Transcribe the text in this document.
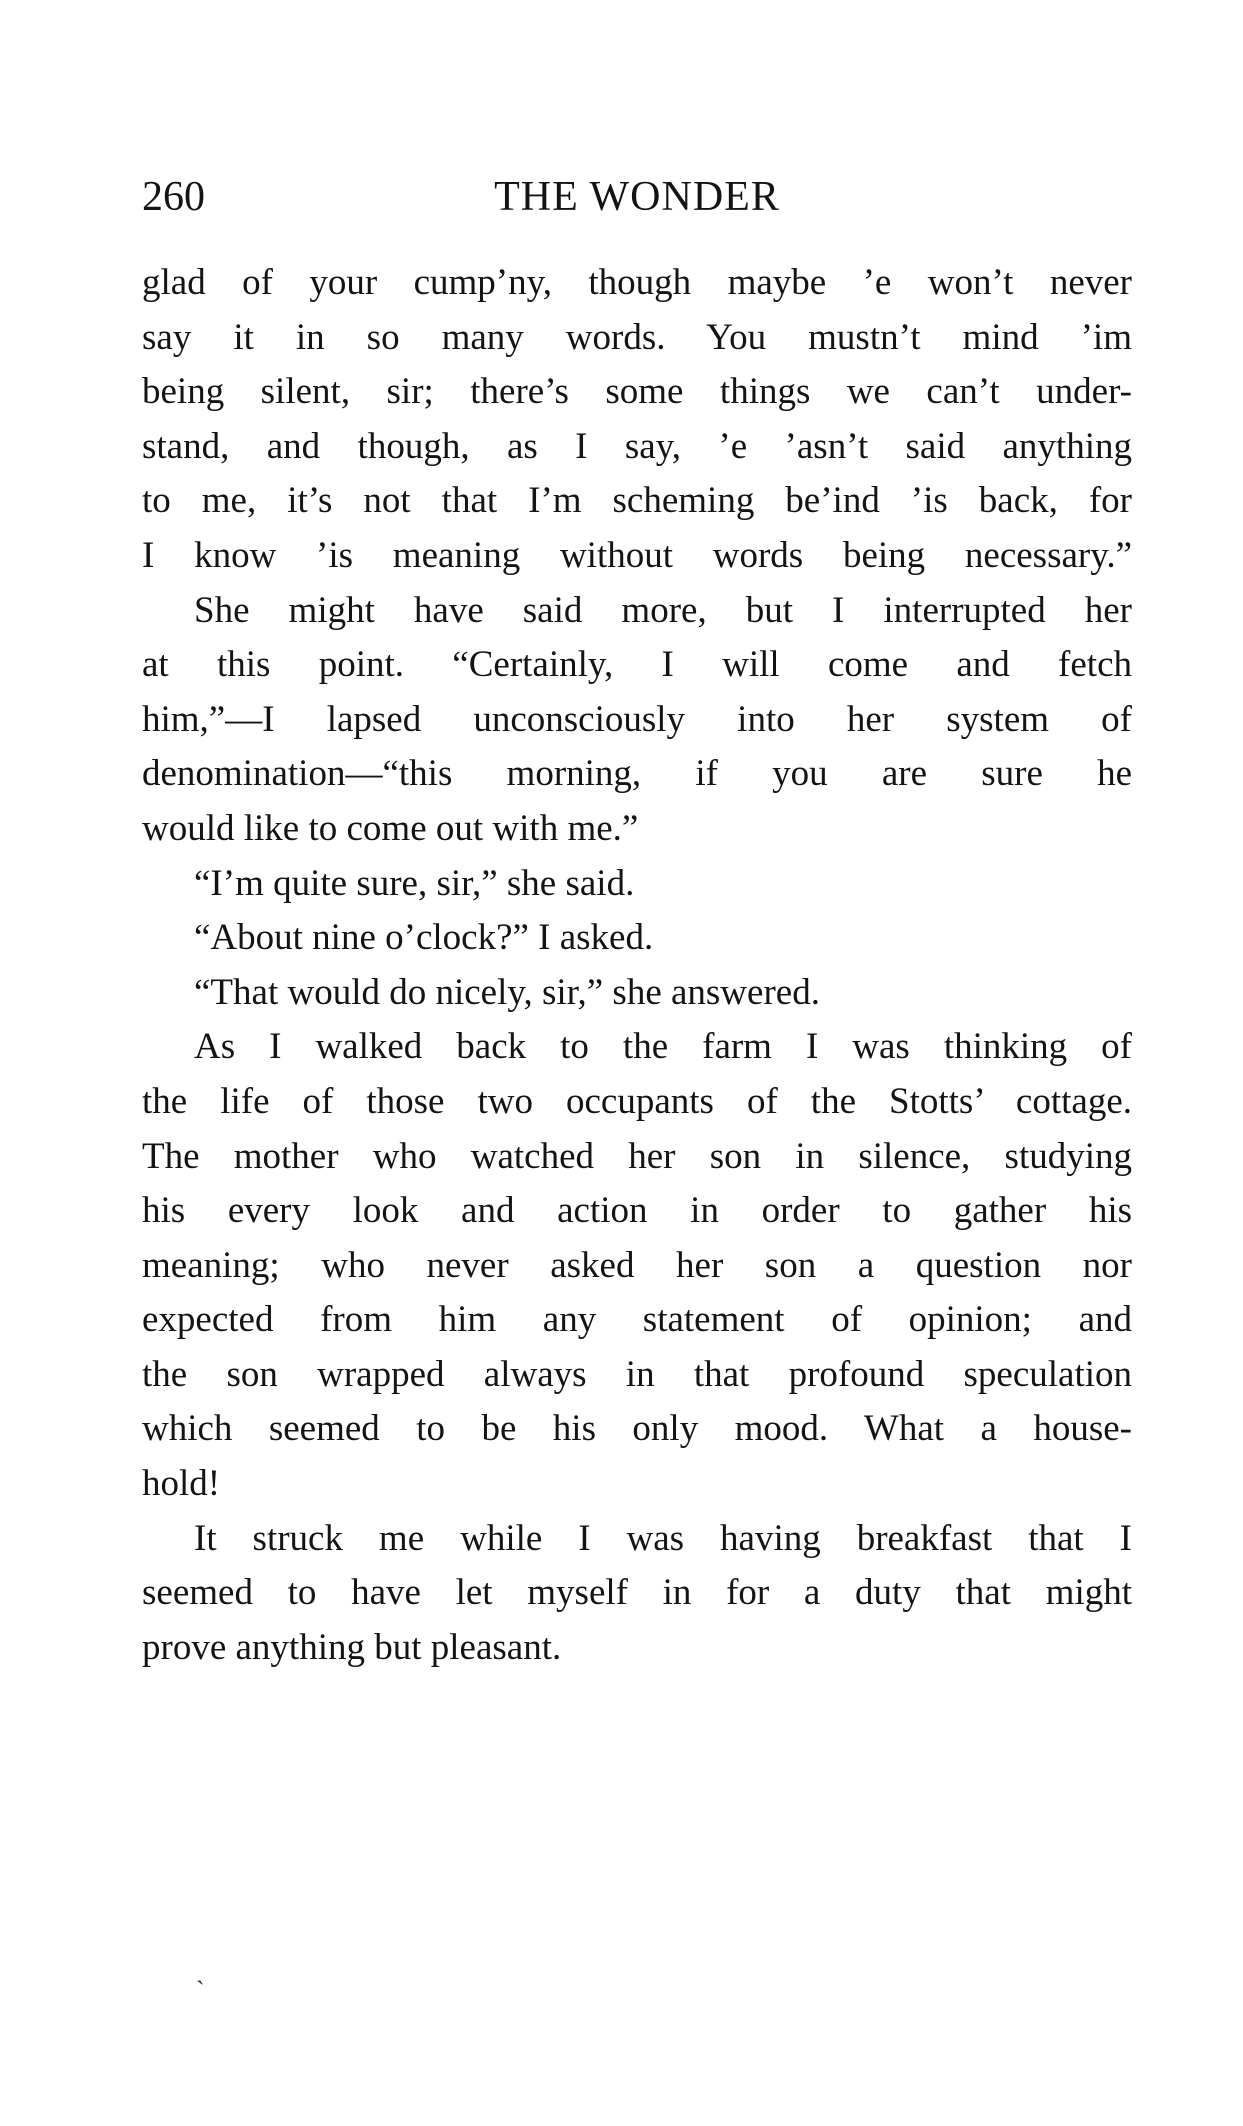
260	THE WONDER
glad of your cump’ny, though maybe ’e won’t never
say it in so many words. You mustn’t mind ’im
being silent, sir; there’s some things we can’t under-
stand, and though, as I say, ’e ’asn’t said anything
to me, it’s not that I’m scheming be’ind ’is back, for
I know ’is meaning without words being necessary.”
She might have said more, but I interrupted her
at this point. “Certainly, I will come and fetch
him,”—I lapsed unconsciously into her system of
denomination—“this morning, if you are sure he
would like to come out with me.”
“I’m quite sure, sir,” she said.
“About nine o’clock?” I asked.
“That would do nicely, sir,” she answered.
As I walked back to the farm I was thinking of
the life of those two occupants of the Stotts’ cottage.
The mother who watched her son in silence, studying
his every look and action in order to gather his
meaning; who never asked her son a question nor
expected from him any statement of opinion; and
the son wrapped always in that profound speculation
which seemed to be his only mood. What a house-
hold!
It struck me while I was having breakfast that I
seemed to have let myself in for a duty that might
prove anything but pleasant.
ˏ
